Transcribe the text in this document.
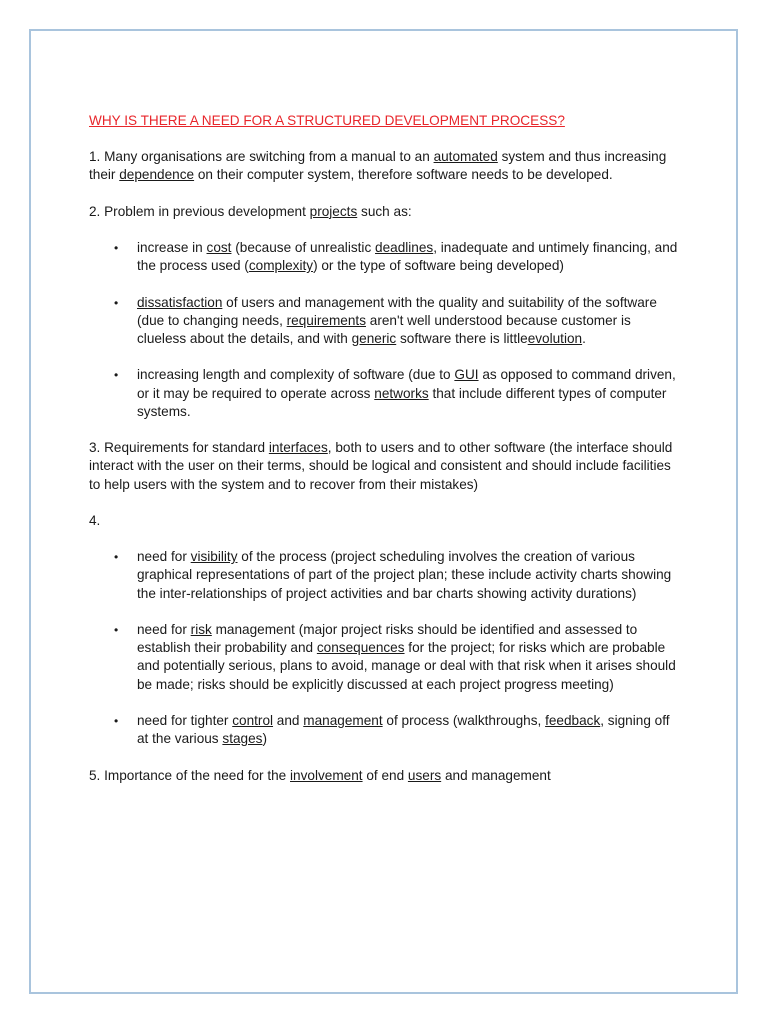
WHY IS THERE A NEED FOR A STRUCTURED DEVELOPMENT PROCESS?

1. Many organisations are switching from a manual to an automated system and thus increasing their dependence on their computer system, therefore software needs to be developed.

2. Problem in previous development projects such as:

• increase in cost (because of unrealistic deadlines, inadequate and untimely financing, and the process used (complexity) or the type of software being developed)
• dissatisfaction of users and management with the quality and suitability of the software (due to changing needs, requirements aren't well understood because customer is clueless about the details, and with generic software there is littleevolution.
• increasing length and complexity of software (due to GUI as opposed to command driven, or it may be required to operate across networks that include different types of computer systems.

3. Requirements for standard interfaces, both to users and to other software (the interface should interact with the user on their terms, should be logical and consistent and should include facilities to help users with the system and to recover from their mistakes)

4.

• need for visibility of the process (project scheduling involves the creation of various graphical representations of part of the project plan; these include activity charts showing the inter-relationships of project activities and bar charts showing activity durations)
• need for risk management (major project risks should be identified and assessed to establish their probability and consequences for the project; for risks which are probable and potentially serious, plans to avoid, manage or deal with that risk when it arises should be made; risks should be explicitly discussed at each project progress meeting)
• need for tighter control and management of process (walkthroughs, feedback, signing off at the various stages)

5. Importance of the need for the involvement of end users and management
